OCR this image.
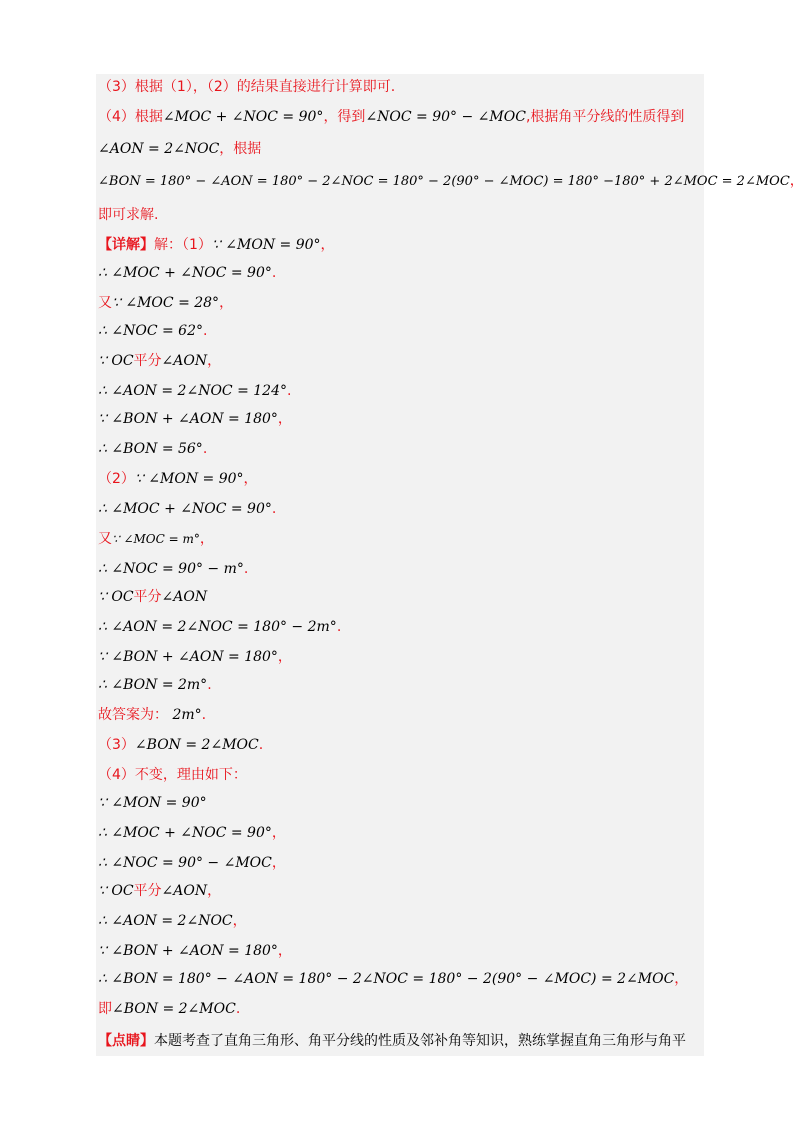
（3）根据（1），（2）的结果直接进行计算即可.
（4）根据∠MOC + ∠NOC = 90°，得到∠NOC = 90° − ∠MOC,根据角平分线的性质得到
∠AON = 2∠NOC，根据
∠BON = 180° − ∠AON = 180° − 2∠NOC = 180° − 2(90° − ∠MOC) = 180° −180° + 2∠MOC = 2∠MOC，
即可求解.
【详解】解：（1）∵ ∠MON = 90°，
∴ ∠MOC + ∠NOC = 90°.
又∵ ∠MOC = 28°，
∴ ∠NOC = 62°.
∵ OC平分∠AON，
∴ ∠AON = 2∠NOC = 124°.
∵ ∠BON + ∠AON = 180°，
∴ ∠BON = 56°.
（2）∵ ∠MON = 90°，
∴ ∠MOC + ∠NOC = 90°.
又∵ ∠MOC = m°，
∴ ∠NOC = 90° − m°.
∵ OC平分∠AON
∴ ∠AON = 2∠NOC = 180° − 2m°.
∵ ∠BON + ∠AON = 180°，
∴ ∠BON = 2m°.
故答案为： 2m°.
（3）∠BON = 2∠MOC.
（4）不变，理由如下：
∵ ∠MON = 90°
∴ ∠MOC + ∠NOC = 90°，
∴ ∠NOC = 90° − ∠MOC，
∵ OC平分∠AON，
∴ ∠AON = 2∠NOC，
∵ ∠BON + ∠AON = 180°，
∴ ∠BON = 180° − ∠AON = 180° − 2∠NOC = 180° − 2(90° − ∠MOC) = 2∠MOC，
即∠BON = 2∠MOC.
【点睛】本题考查了直角三角形、角平分线的性质及邻补角等知识，熟练掌握直角三角形与角平
